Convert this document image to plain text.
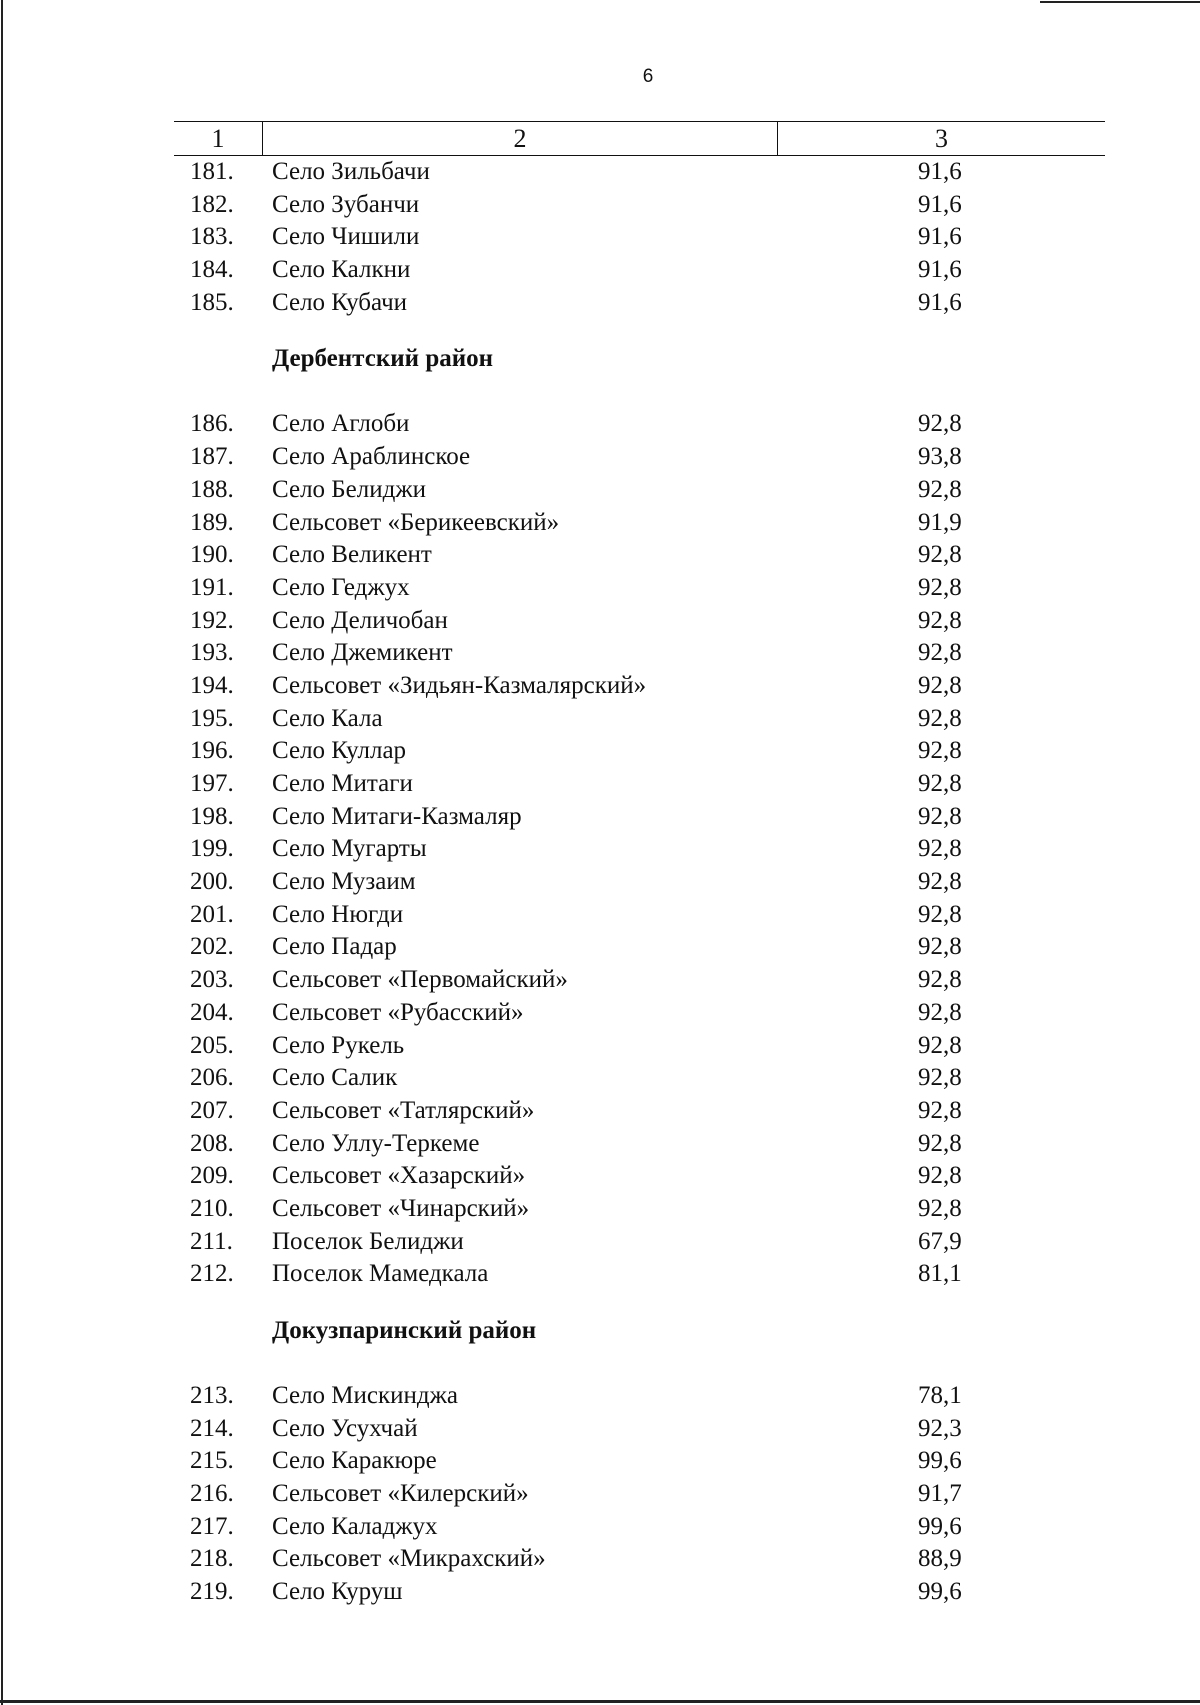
6
1	2	3
181.	Село Зильбачи	91,6
182.	Село Зубанчи	91,6
183.	Село Чишили	91,6
184.	Село Калкни	91,6
185.	Село Кубачи	91,6
Дербентский район
186.	Село Аглоби	92,8
187.	Село Араблинское	93,8
188.	Село Белиджи	92,8
189.	Сельсовет «Берикеевский»	91,9
190.	Село Великент	92,8
191.	Село Геджух	92,8
192.	Село Деличобан	92,8
193.	Село Джемикент	92,8
194.	Сельсовет «Зидьян-Казмалярский»	92,8
195.	Село Кала	92,8
196.	Село Куллар	92,8
197.	Село Митаги	92,8
198.	Село Митаги-Казмаляр	92,8
199.	Село Мугарты	92,8
200.	Село Музаим	92,8
201.	Село Нюгди	92,8
202.	Село Падар	92,8
203.	Сельсовет «Первомайский»	92,8
204.	Сельсовет «Рубасский»	92,8
205.	Село Рукель	92,8
206.	Село Салик	92,8
207.	Сельсовет «Татлярский»	92,8
208.	Село Уллу-Теркеме	92,8
209.	Сельсовет «Хазарский»	92,8
210.	Сельсовет «Чинарский»	92,8
211.	Поселок Белиджи	67,9
212.	Поселок Мамедкала	81,1
Докузпаринский район
213.	Село Мискинджа	78,1
214.	Село Усухчай	92,3
215.	Село Каракюре	99,6
216.	Сельсовет «Килерский»	91,7
217.	Село Каладжух	99,6
218.	Сельсовет «Микрахский»	88,9
219.	Село Куруш	99,6
